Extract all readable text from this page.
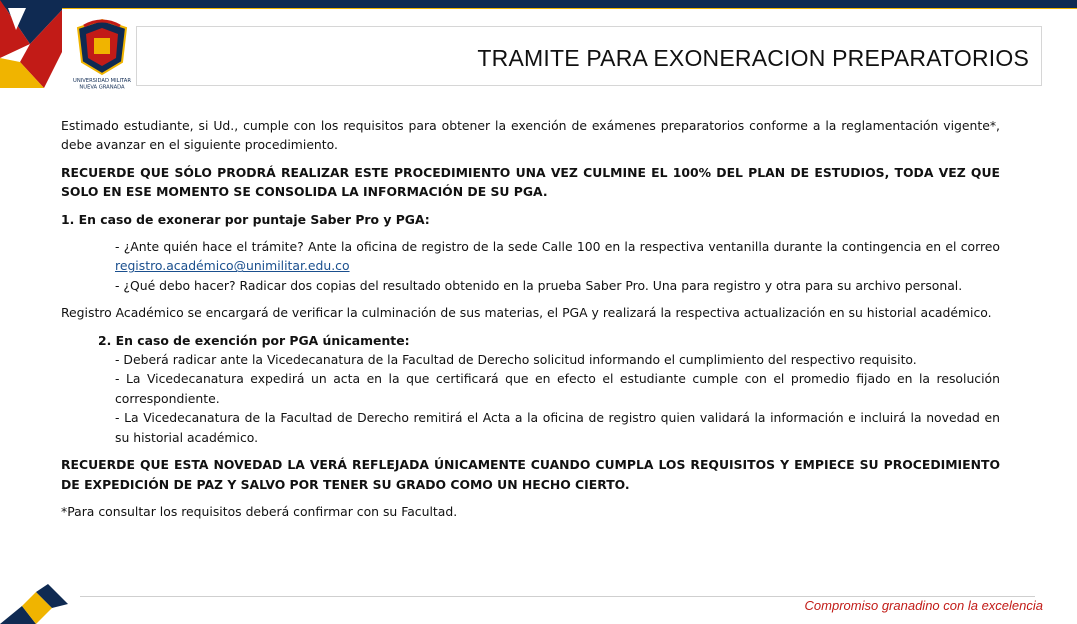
UNIVERSIDAD MILITAR
NUEVA GRANADA
TRAMITE PARA EXONERACION PREPARATORIOS

Estimado estudiante, si Ud., cumple con los requisitos para obtener la exención de exámenes preparatorios conforme a la reglamentación vigente*, debe avanzar en el siguiente procedimiento.

RECUERDE QUE SÓLO PRODRÁ REALIZAR ESTE PROCEDIMIENTO UNA VEZ CULMINE EL 100% DEL PLAN DE ESTUDIOS, TODA VEZ QUE SOLO EN ESE MOMENTO SE CONSOLIDA LA INFORMACIÓN DE SU PGA.

1. En caso de exonerar por puntaje Saber Pro y PGA:

- ¿Ante quién hace el trámite? Ante la oficina de registro de la sede Calle 100 en la respectiva ventanilla durante la contingencia en el correo registro.académico@unimilitar.edu.co
- ¿Qué debo hacer? Radicar dos copias del resultado obtenido en la prueba Saber Pro. Una para registro y otra para su archivo personal.

Registro Académico se encargará de verificar la culminación de sus materias, el PGA y realizará la respectiva actualización en su historial académico.

2. En caso de exención por PGA únicamente:

- Deberá radicar ante la Vicedecanatura de la Facultad de Derecho solicitud informando el cumplimiento del respectivo requisito.
- La Vicedecanatura expedirá un acta en la que certificará que en efecto el estudiante cumple con el promedio fijado en la resolución correspondiente.
- La Vicedecanatura de la Facultad de Derecho remitirá el Acta a la oficina de registro quien validará la información e incluirá la novedad en su historial académico.

RECUERDE QUE ESTA NOVEDAD LA VERÁ REFLEJADA ÚNICAMENTE CUANDO CUMPLA LOS REQUISITOS Y EMPIECE SU PROCEDIMIENTO DE EXPEDICIÓN DE PAZ Y SALVO POR TENER SU GRADO COMO UN HECHO CIERTO.

*Para consultar los requisitos deberá confirmar con su Facultad.

Compromiso granadino con la excelencia
